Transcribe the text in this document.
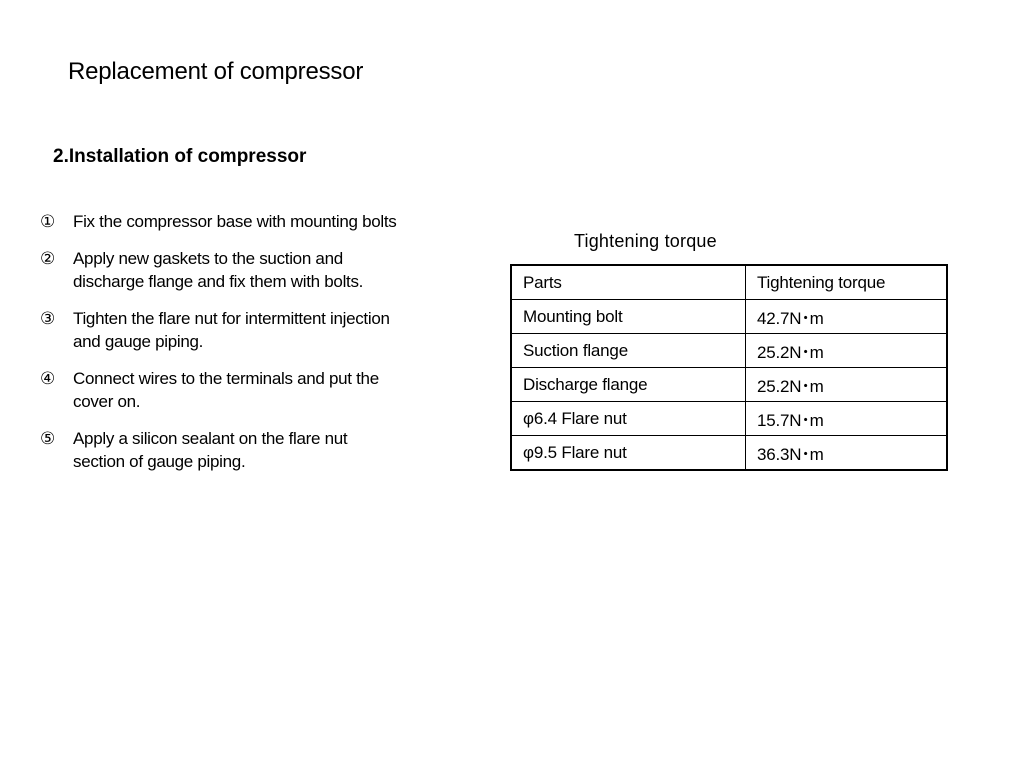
Replacement of compressor
2.Installation of compressor
①	Fix the compressor base with mounting bolts
②	Apply new gaskets to the suction and
discharge flange and fix them with bolts.
③	Tighten the flare nut for intermittent injection
and gauge piping.
④	Connect wires to the terminals and put the
cover on.
⑤	Apply a silicon sealant on the flare nut
section of gauge piping.
Tightening torque
Parts	Tightening torque
Mounting bolt	42.7N･m
Suction flange	25.2N･m
Discharge flange	25.2N･m
φ6.4 Flare nut	15.7N･m
φ9.5 Flare nut	36.3N･m
